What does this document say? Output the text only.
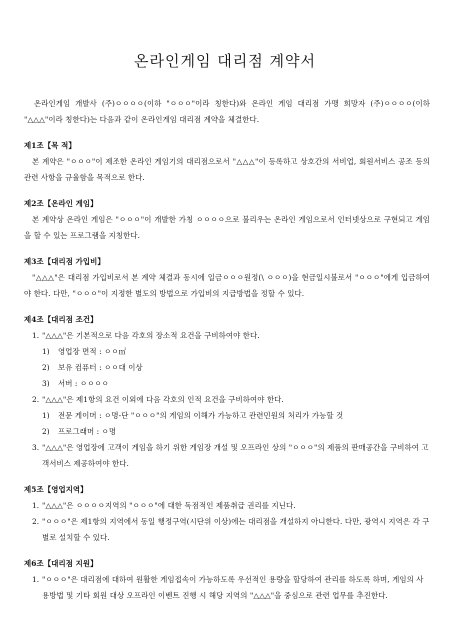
온라인게임 대리점 계약서

온라인게임 개발사 (주)ㅇㅇㅇㅇ(이하 "ㅇㅇㅇ"이라 칭한다)와 온라인 게임 대리점 가맹 희망자 (주)ㅇㅇㅇㅇ(이하 "△△△"이라 칭한다)는 다음과 같이 온라인게임 대리점 계약을 체결한다.

제1조【목 적】

본 계약은 "ㅇㅇㅇ"이 제조한 온라인 게임기의 대리점으로서 "△△△"이 등록하고 상호간의 서비업, 회원서비스 공조 등의 관련 사항을 규율함을 목적으로 한다.

제2조【온라인 게임】

본 계약상 온라인 게임은 "ㅇㅇㅇ"이 개발한 가칭 ㅇㅇㅇㅇ으로 불리우는 온라인 게임으로서 인터넷상으로 구현되고 게임을 할 수 있는 프로그램을 지칭한다.

제3조【대리점 가입비】

"△△△"은 대리점 가입비로서 본 계약 체결과 동시에 일금ㅇㅇㅇ원정(\ ㅇㅇㅇ)을 현금일시불로서 "ㅇㅇㅇ"에게 입금하여야 한다. 다만, "ㅇㅇㅇ"이 지정한 별도의 방법으로 가입비의 지급방법을 정할 수 있다.

제4조【대리점 조건】
1. "△△△"은 기본적으로 다음 각호의 장소적 요건을 구비하여야 한다.
1) 영업장 면적 : ㅇㅇ㎡
2) 보유 컴퓨터 : ㅇㅇ대 이상
3) 서버 : ㅇㅇㅇㅇ
2. "△△△"은 제1항의 요건 이외에 다음 각호의 인적 요건을 구비하여야 한다.
1) 전문 게이머 : ㅇ명-단 "ㅇㅇㅇ"의 게임의 이해가 가능하고 관련민원의 처리가 가능할 것
2) 프로그래머 : ㅇ명
3. "△△△"은 영업장에 고객이 게임을 하기 위한 게임장 개설 및 오프라인 상의 "ㅇㅇㅇ"의 제품의 판매공간을 구비하여 고객서비스 제공하여야 한다.
제5조【영업지역】
1. "△△△"은 ㅇㅇㅇㅇ지역의 "ㅇㅇㅇ"에 대한 독점적인 제품취급 권리를 지닌다.
2. "ㅇㅇㅇ"은 제1항의 지역에서 동일 행정구역(시단위 이상)에는 대리점을 개설하지 아니한다. 다만, 광역시 지역은 각 구별로 설치할 수 있다.
제6조【대리점 지원】
1. "ㅇㅇㅇ"은 대리점에 대하여 원활한 게임접속이 가능하도록 우선적인 용량을 할당하여 관리를 하도록 하며, 게임의 사용방법 및 기타 회원 대상 오프라인 이벤트 진행 시 해당 지역의 "△△△"을 중심으로 관련 업무를 추진한다.
